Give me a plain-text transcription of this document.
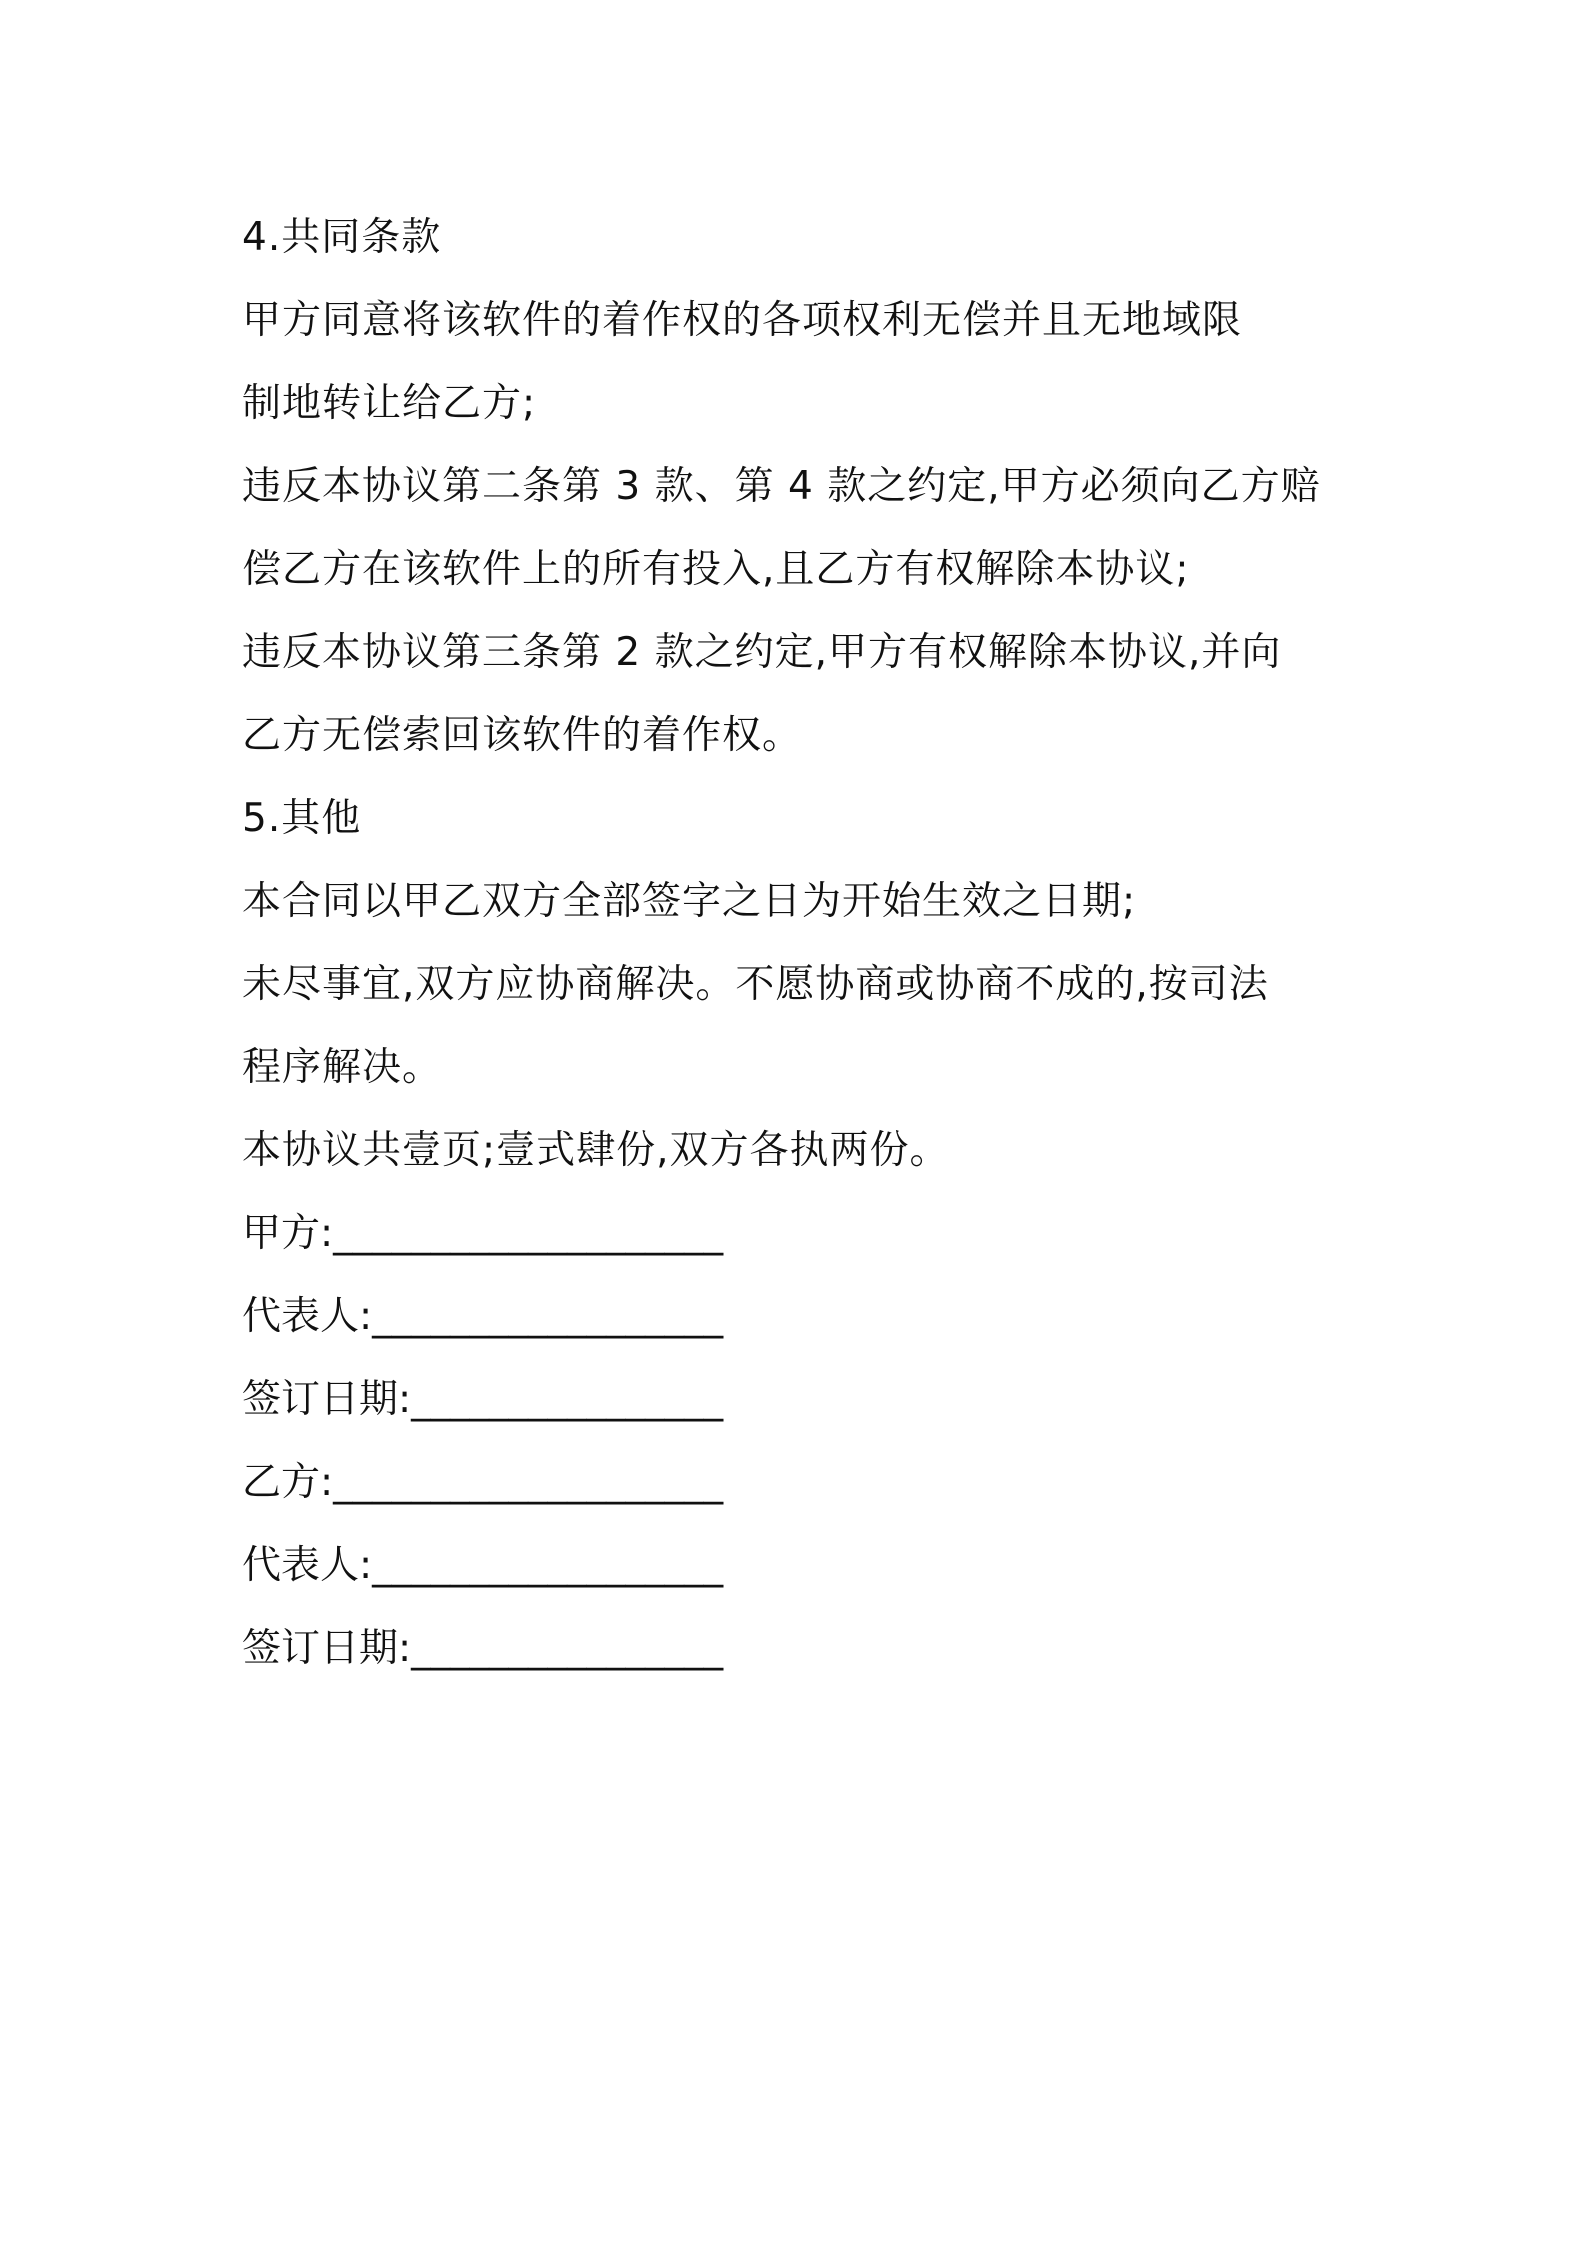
4.共同条款
甲方同意将该软件的着作权的各项权利无偿并且无地域限
制地转让给乙方;
违反本协议第二条第 3 款、第 4 款之约定,甲方必须向乙方赔
偿乙方在该软件上的所有投入,且乙方有权解除本协议;
违反本协议第三条第 2 款之约定,甲方有权解除本协议,并向
乙方无偿索回该软件的着作权。
5.其他
本合同以甲乙双方全部签字之日为开始生效之日期;
未尽事宜,双方应协商解决。不愿协商或协商不成的,按司法
程序解决。
本协议共壹页;壹式肆份,双方各执两份。
甲方:____________________
代表人:__________________
签订日期:________________
乙方:____________________
代表人:__________________
签订日期:________________
